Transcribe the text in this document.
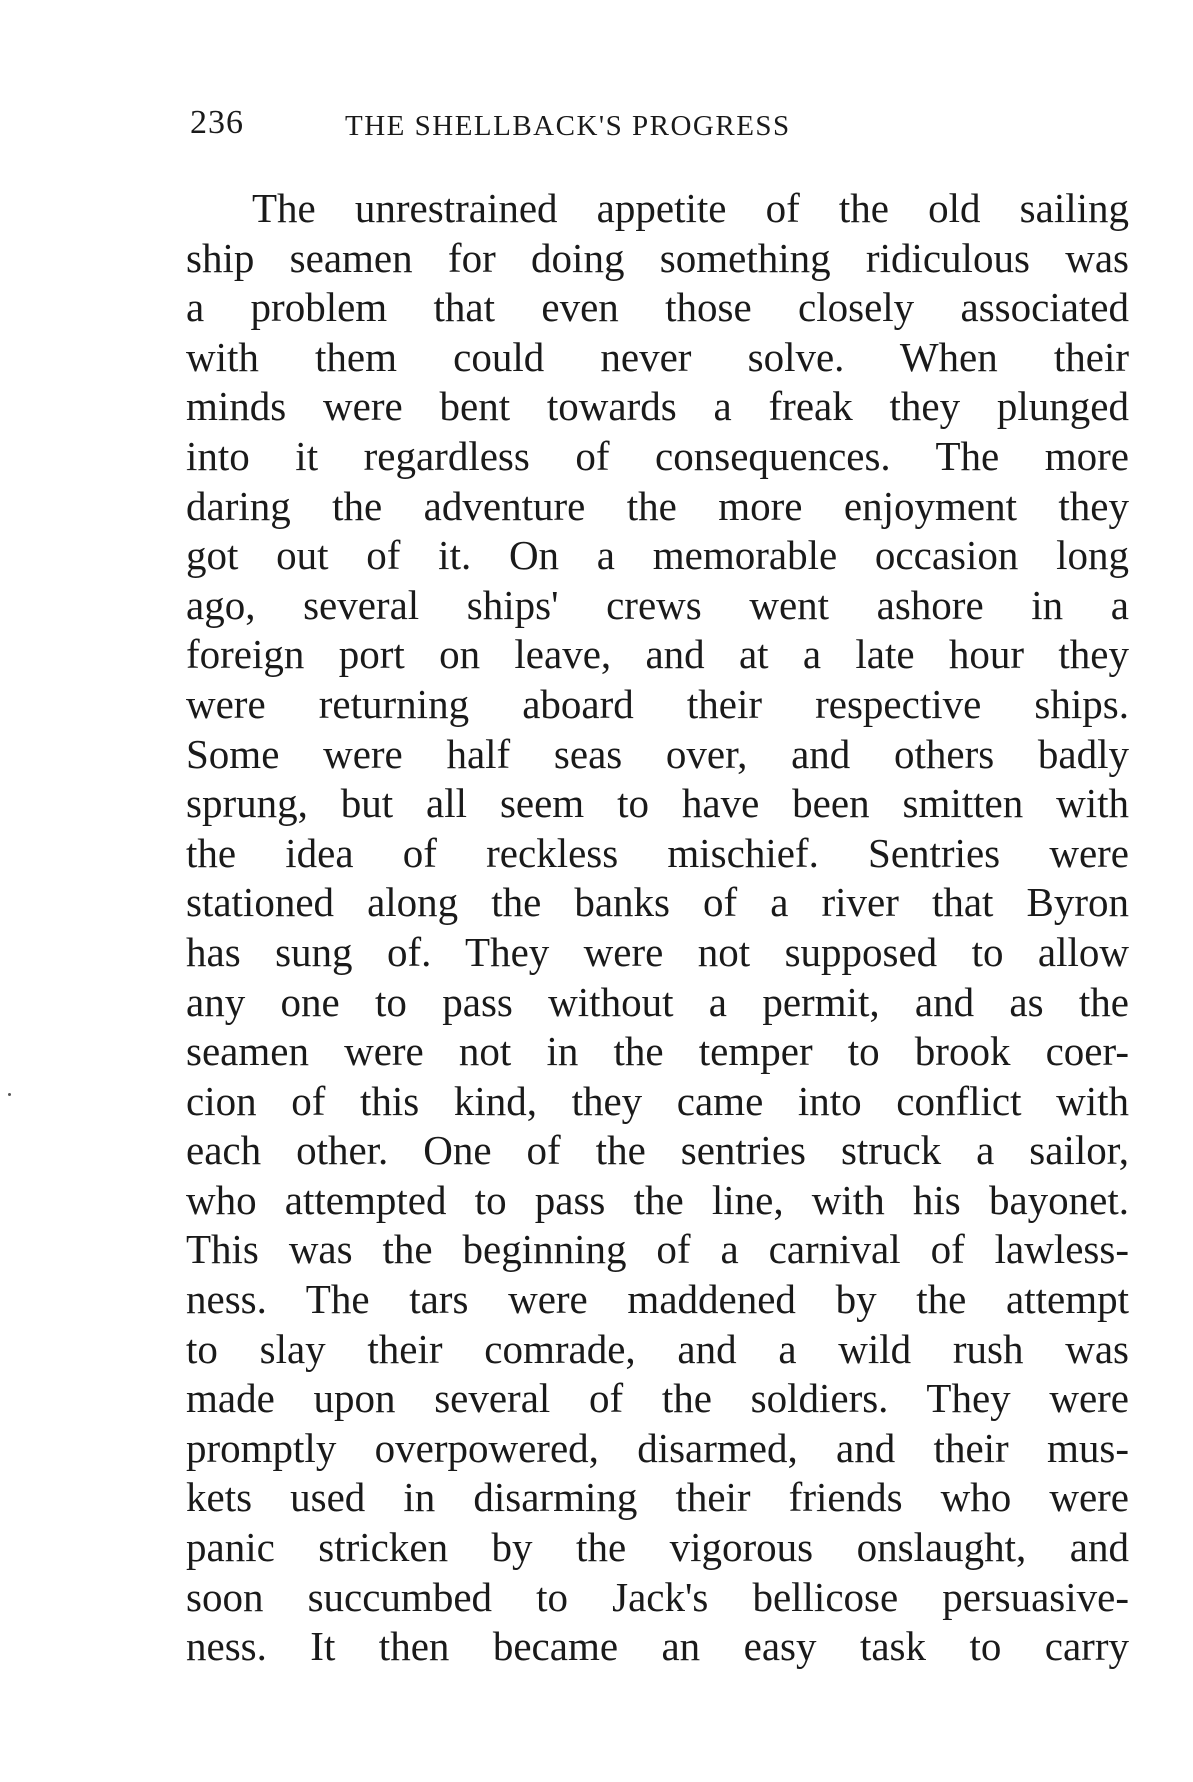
236	THE SHELLBACK'S PROGRESS
The unrestrained appetite of the old sailing
ship seamen for doing something ridiculous was
a problem that even those closely associated
with them could never solve. When their
minds were bent towards a freak they plunged
into it regardless of consequences. The more
daring the adventure the more enjoyment they
got out of it. On a memorable occasion long
ago, several ships' crews went ashore in a
foreign port on leave, and at a late hour they
were returning aboard their respective ships.
Some were half seas over, and others badly
sprung, but all seem to have been smitten with
the idea of reckless mischief. Sentries were
stationed along the banks of a river that Byron
has sung of. They were not supposed to allow
any one to pass without a permit, and as the
seamen were not in the temper to brook coer-
cion of this kind, they came into conflict with
each other. One of the sentries struck a sailor,
who attempted to pass the line, with his bayonet.
This was the beginning of a carnival of lawless-
ness. The tars were maddened by the attempt
to slay their comrade, and a wild rush was
made upon several of the soldiers. They were
promptly overpowered, disarmed, and their mus-
kets used in disarming their friends who were
panic stricken by the vigorous onslaught, and
soon succumbed to Jack's bellicose persuasive-
ness. It then became an easy task to carry
